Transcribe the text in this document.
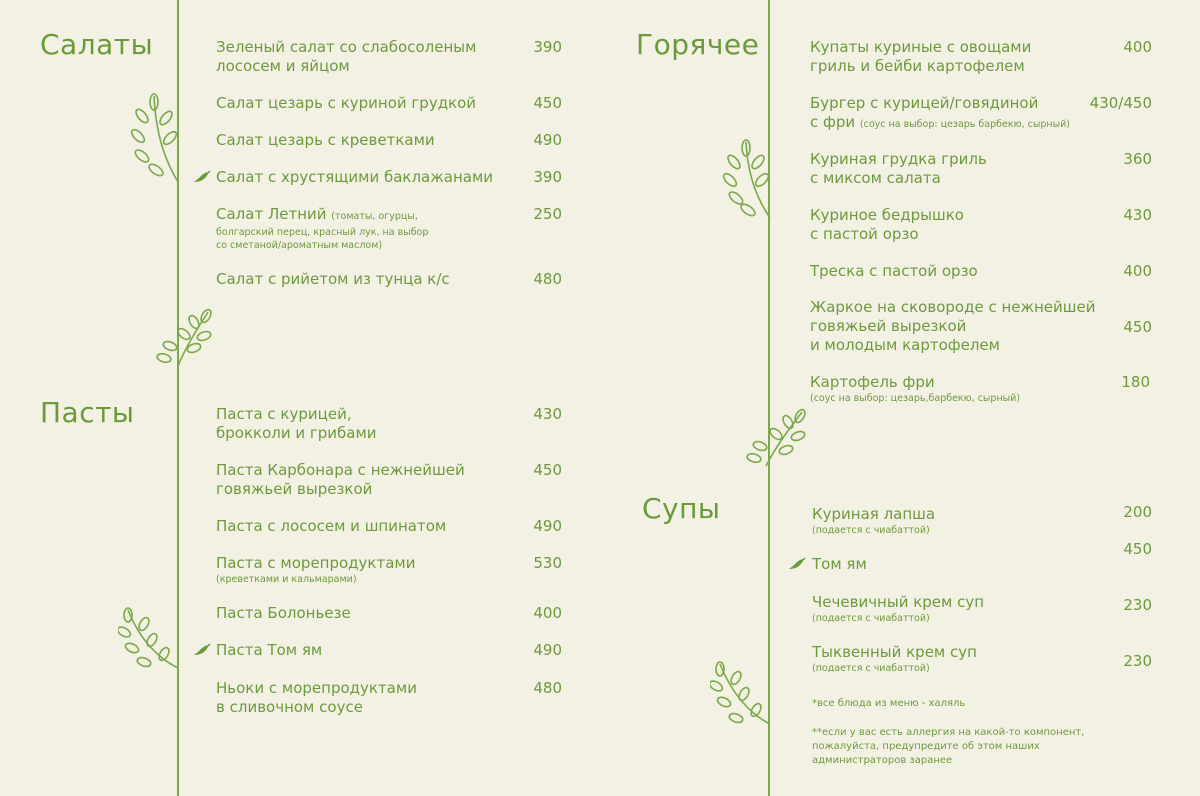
Салаты	Зеленый салат со слабосоленым
лососем и яйцом
390
Салат цезарь с куриной грудкой	450
Салат цезарь с креветками	490
Салат с хрустящими баклажанами	390
Салат Летний (томаты, огурцы,
болгарский перец, красный лук, на выбор
со сметаной/ароматным маслом)
250
Салат с рийетом из тунца к/с	480
Пасты	Паста с курицей,
брокколи и грибами
430
Паста Карбонара с нежнейшей
говяжьей вырезкой
450
Паста с лососем и шпинатом	490
Паста с морепродуктами
(креветками и кальмарами)
530
Паста Болоньезе	400
Паста Том ям	490
Ньоки с морепродуктами
в сливочном соусе
480
Горячее	Купаты куриные с овощами
гриль и бейби картофелем
400
Бургер с курицей/говядиной
с фри (соус на выбор: цезарь барбекю, сырный)
430/450
Куриная грудка гриль
с миксом салата
360
Куриное бедрышко
с пастой орзо
430
Треска с пастой орзо	400
Жаркое на сковороде с нежнейшей
говяжьей вырезкой
и молодым картофелем
450
Картофель фри
(соус на выбор: цезарь,барбекю, сырный)
180
Супы	Куриная лапша
(подается с чиабаттой)
200
Том ям
450
Чечевичный крем суп
(подается с чиабаттой)
230
Тыквенный крем суп
(подается с чиабаттой)	230
*все блюда из меню - халяль
**если у вас есть аллергия на какой-то компонент,
пожалуйста, предупредите об этом наших
администраторов заранее
